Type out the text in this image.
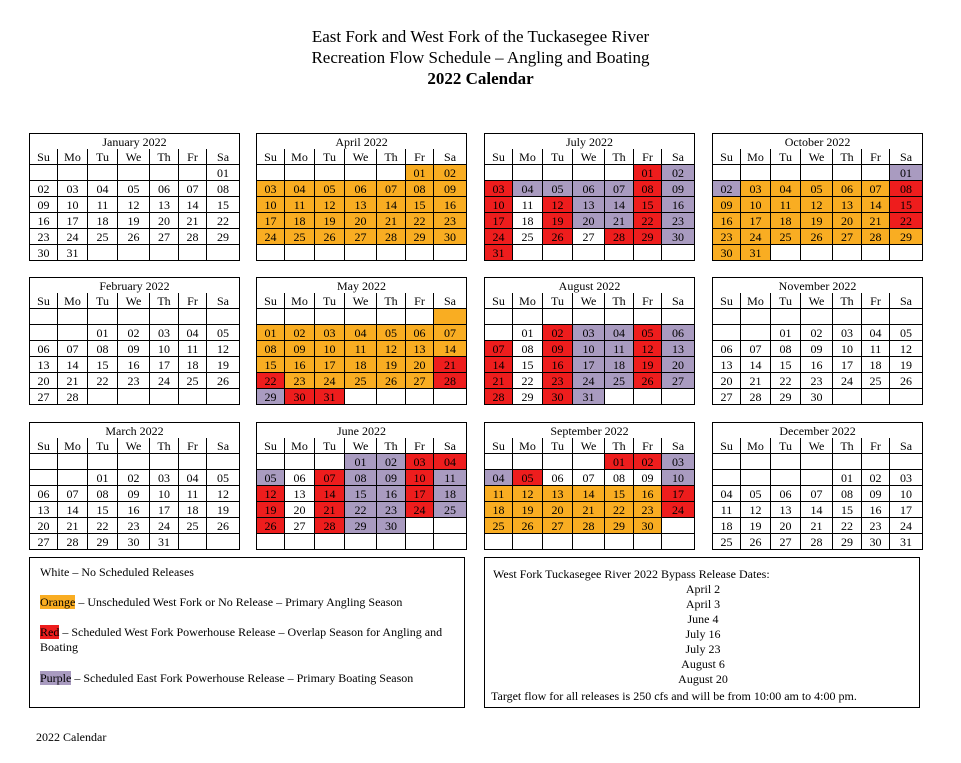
East Fork and West Fork of the Tuckasegee River
Recreation Flow Schedule – Angling and Boating
2022 Calendar
January 2022						
Su	Mo	Tu	We	Th	Fr	Sa
						01
02	03	04	05	06	07	08
09	10	11	12	13	14	15
16	17	18	19	20	21	22
23	24	25	26	27	28	29
30	31					
April 2022						
Su	Mo	Tu	We	Th	Fr	Sa
					01	02
03	04	05	06	07	08	09
10	11	12	13	14	15	16
17	18	19	20	21	22	23
24	25	26	27	28	29	30

July 2022						
Su	Mo	Tu	We	Th	Fr	Sa
					01	02
03	04	05	06	07	08	09
10	11	12	13	14	15	16
17	18	19	20	21	22	23
24	25	26	27	28	29	30
31						
October 2022						
Su	Mo	Tu	We	Th	Fr	Sa
						01
02	03	04	05	06	07	08
09	10	11	12	13	14	15
16	17	18	19	20	21	22
23	24	25	26	27	28	29
30	31					
February 2022						
Su	Mo	Tu	We	Th	Fr	Sa

		01	02	03	04	05
06	07	08	09	10	11	12
13	14	15	16	17	18	19
20	21	22	23	24	25	26
27	28					
May 2022						
Su	Mo	Tu	We	Th	Fr	Sa

01	02	03	04	05	06	07
08	09	10	11	12	13	14
15	16	17	18	19	20	21
22	23	24	25	26	27	28
29	30	31				
August 2022						
Su	Mo	Tu	We	Th	Fr	Sa

	01	02	03	04	05	06
07	08	09	10	11	12	13
14	15	16	17	18	19	20
21	22	23	24	25	26	27
28	29	30	31			
November 2022						
Su	Mo	Tu	We	Th	Fr	Sa

		01	02	03	04	05
06	07	08	09	10	11	12
13	14	15	16	17	18	19
20	21	22	23	24	25	26
27	28	29	30			
March 2022						
Su	Mo	Tu	We	Th	Fr	Sa

		01	02	03	04	05
06	07	08	09	10	11	12
13	14	15	16	17	18	19
20	21	22	23	24	25	26
27	28	29	30	31		
June 2022						
Su	Mo	Tu	We	Th	Fr	Sa
			01	02	03	04
05	06	07	08	09	10	11
12	13	14	15	16	17	18
19	20	21	22	23	24	25
26	27	28	29	30		

September 2022						
Su	Mo	Tu	We	Th	Fr	Sa
				01	02	03
04	05	06	07	08	09	10
11	12	13	14	15	16	17
18	19	20	21	22	23	24
25	26	27	28	29	30	

December 2022						
Su	Mo	Tu	We	Th	Fr	Sa

				01	02	03
04	05	06	07	08	09	10
11	12	13	14	15	16	17
18	19	20	21	22	23	24
25	26	27	28	29	30	31
White – No Scheduled Releases
Orange – Unscheduled West Fork or No Release – Primary Angling Season
Red – Scheduled West Fork Powerhouse Release – Overlap Season for Angling and Boating
Purple – Scheduled East Fork Powerhouse Release – Primary Boating Season
West Fork Tuckasegee River 2022 Bypass Release Dates:
April 2
April 3
June 4
July 16
July 23
August 6
August 20
Target flow for all releases is 250 cfs and will be from 10:00 am to 4:00 pm.
2022 Calendar
